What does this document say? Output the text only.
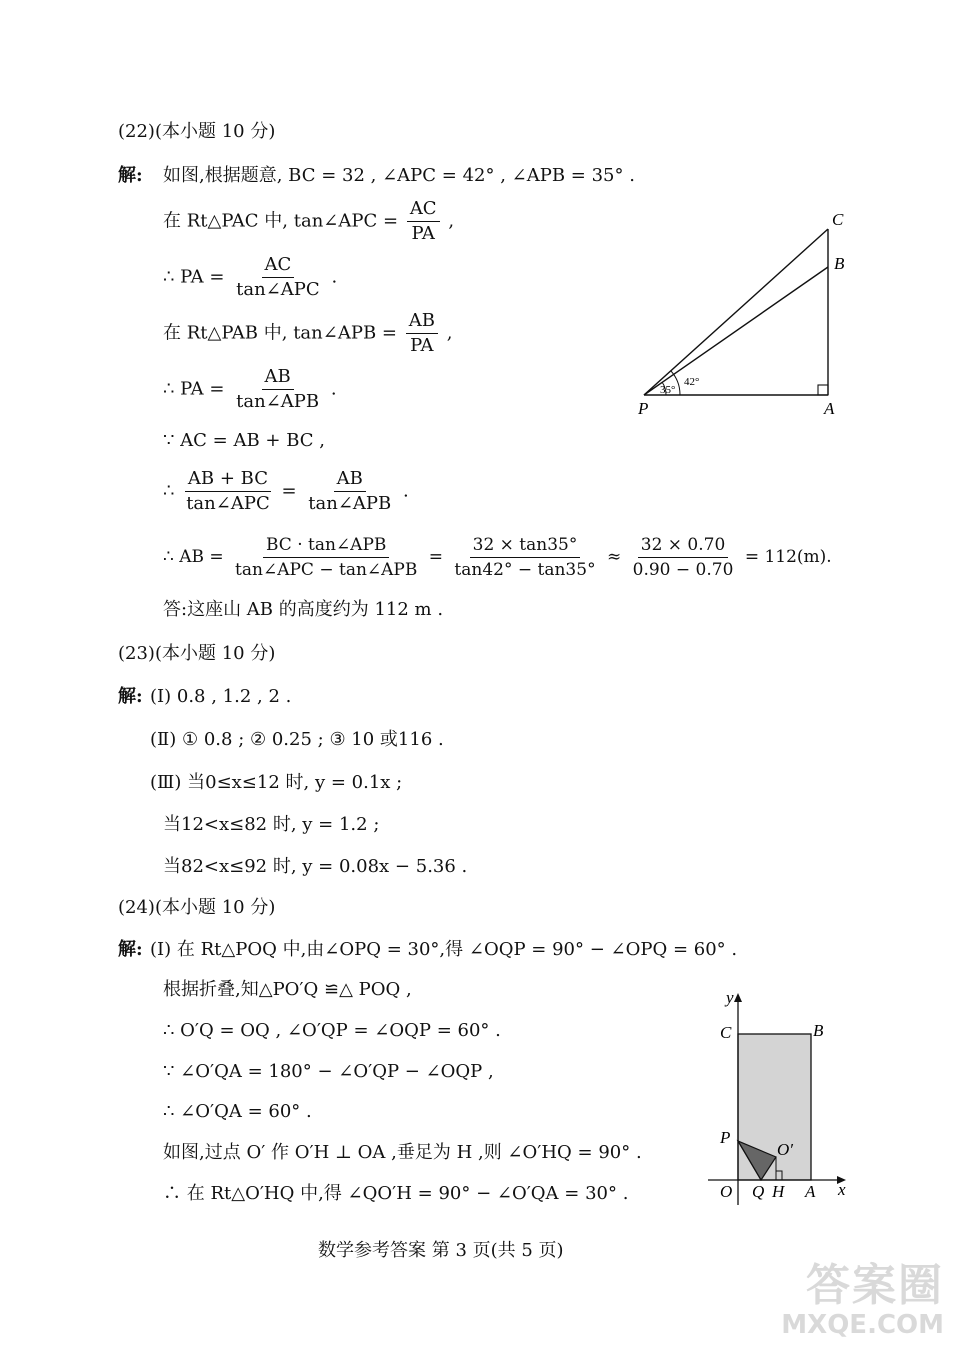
(22)(本小题 10 分)
解: 如图,根据题意, BC = 32 , ∠APC = 42° , ∠APB = 35° .
在 Rt△PAC 中, tan∠APC = $\frac{AC}{PA}$ ,
∴ PA = $\frac{AC}{\text{tan∠APC}}$ .
在 Rt△PAB 中, tan∠APB = $\frac{AB}{PA}$ ,
∴ PA = $\frac{AB}{\text{tan∠APB}}$ .
∵ AC = AB + BC ,
∴ $\frac{AB + BC}{\text{tan∠APC}} = \frac{AB}{\text{tan∠APB}}$ .
∴ AB = $\frac{\text{BC · tan∠APB}}{\text{tan∠APC − tan∠APB}} = \frac{32 \times \tan 35^\circ}{\tan 42^\circ - \tan 35^\circ} \approx \frac{32 \times 0.70}{0.90 - 0.70} = 112(m)$.
答:这座山 AB 的高度约为 112 m .
C
B
P	A
35°
42°
(23)(本小题 10 分)
解: (Ⅰ) 0.8 , 1.2 , 2 .
(Ⅱ) ① 0.8 ; ② 0.25 ; ③ 10 或116 .
(Ⅲ) 当0≤x≤12 时, y = 0.1x ;
当12<x≤82 时, y = 1.2 ;
当82<x≤92 时, y = 0.08x − 5.36 .
(24)(本小题 10 分)
解: (Ⅰ) 在 Rt△POQ 中,由∠OPQ = 30°,得 ∠OQP = 90° − ∠OPQ = 60° .
根据折叠,知△PO′Q ≌△ POQ ,
∴ O′Q = OQ , ∠O′QP = ∠OQP = 60° .
∵ ∠O′QA = 180° − ∠O′QP − ∠OQP ,
∴ ∠O′QA = 60° .
如图,过点 O′ 作 O′H ⊥ OA ,垂足为 H ,则 ∠O′HQ = 90° .
∴ 在 Rt△O′HQ 中,得 ∠QO′H = 90° − ∠O′QA = 30° .
y
C	B
P
O′
O Q H A x
数学参考答案 第 3 页(共 5 页)
答案圈
MXQE.COM
